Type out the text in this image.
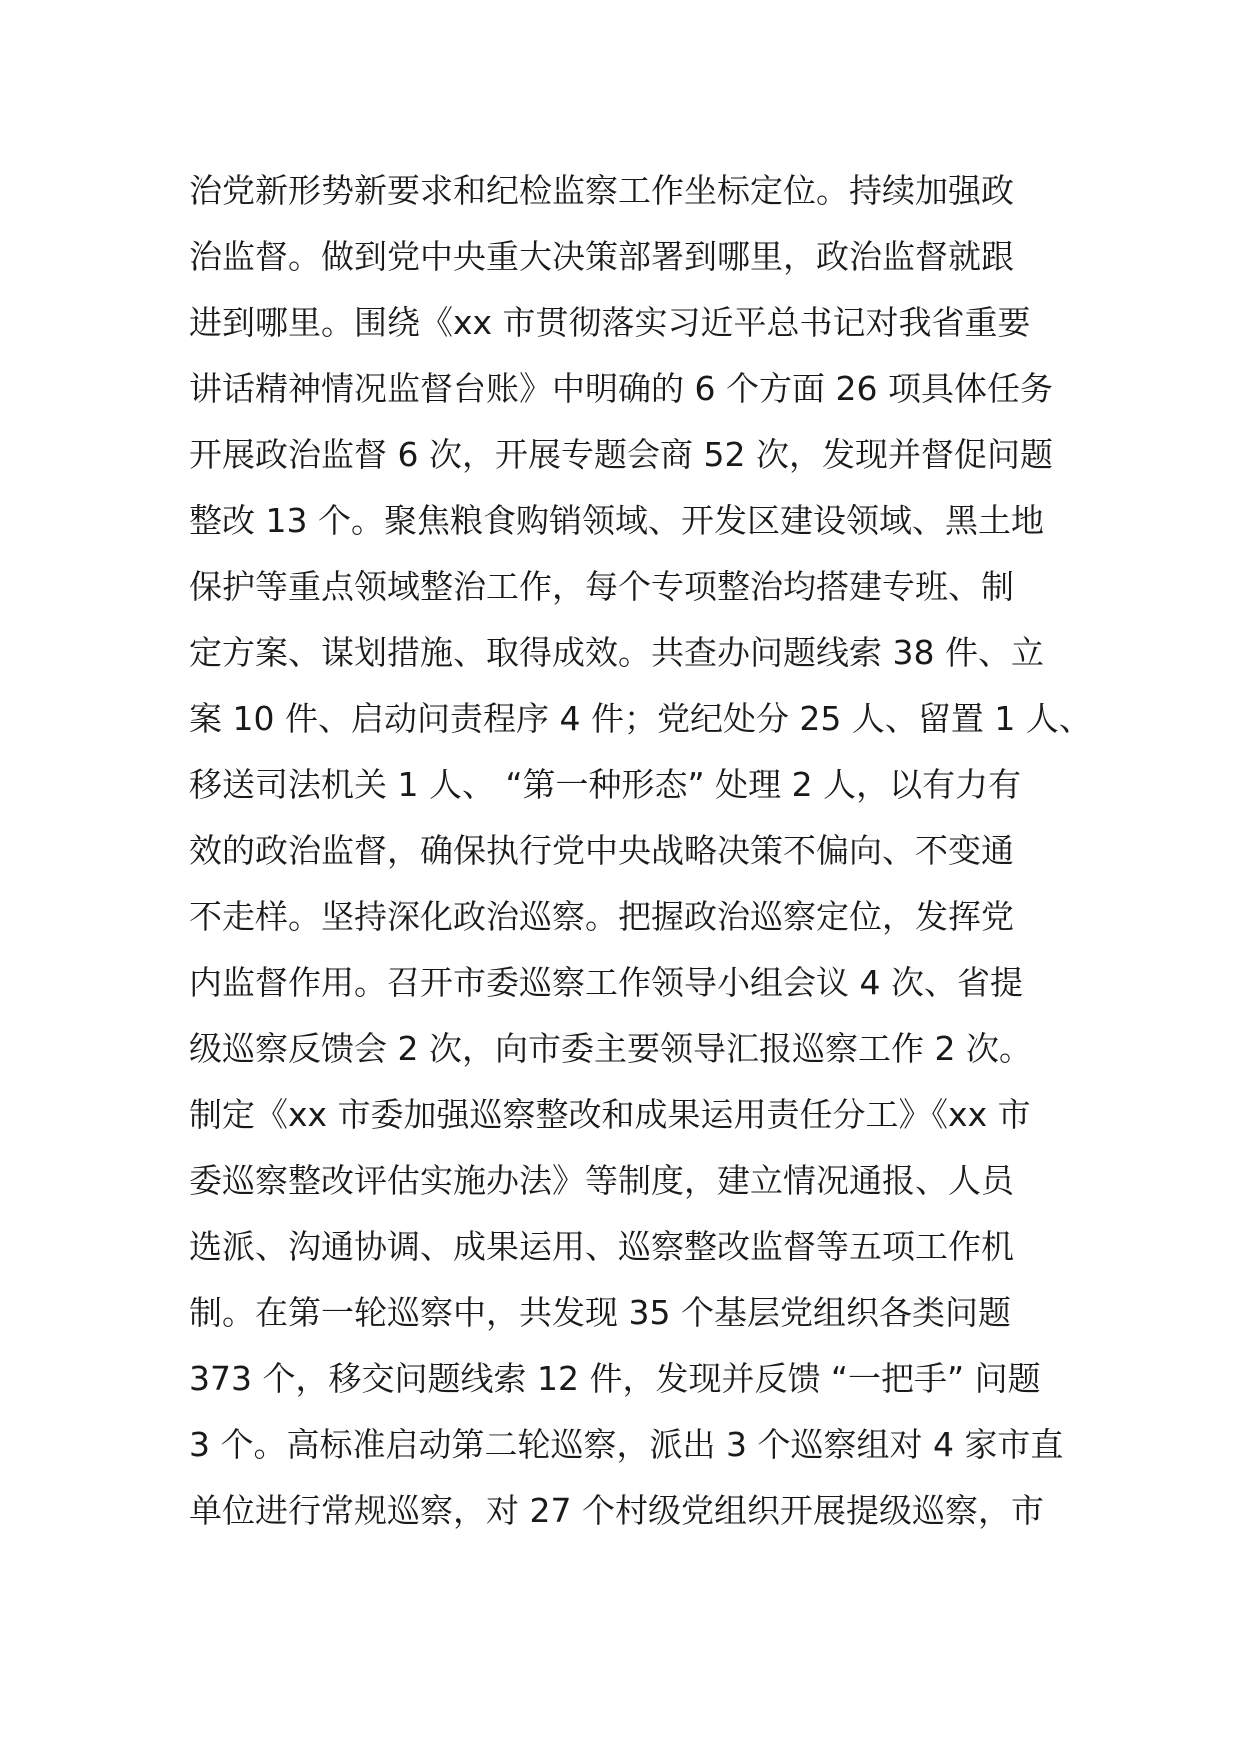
治党新形势新要求和纪检监察工作坐标定位。持续加强政
治监督。做到党中央重大决策部署到哪里，政治监督就跟
进到哪里。围绕《xx 市贯彻落实习近平总书记对我省重要
讲话精神情况监督台账》中明确的 6 个方面 26 项具体任务
开展政治监督 6 次，开展专题会商 52 次，发现并督促问题
整改 13 个。聚焦粮食购销领域、开发区建设领域、黑土地
保护等重点领域整治工作，每个专项整治均搭建专班、制
定方案、谋划措施、取得成效。共查办问题线索 38 件、立
案 10 件、启动问责程序 4 件；党纪处分 25 人、留置 1 人、
移送司法机关 1 人、 “第一种形态” 处理 2 人，以有力有
效的政治监督，确保执行党中央战略决策不偏向、不变通
不走样。坚持深化政治巡察。把握政治巡察定位，发挥党
内监督作用。召开市委巡察工作领导小组会议 4 次、省提
级巡察反馈会 2 次，向市委主要领导汇报巡察工作 2 次。
制定《xx 市委加强巡察整改和成果运用责任分工》《xx 市
委巡察整改评估实施办法》等制度，建立情况通报、人员
选派、沟通协调、成果运用、巡察整改监督等五项工作机
制。在第一轮巡察中，共发现 35 个基层党组织各类问题
373 个，移交问题线索 12 件，发现并反馈 “一把手” 问题
3 个。高标准启动第二轮巡察，派出 3 个巡察组对 4 家市直
单位进行常规巡察，对 27 个村级党组织开展提级巡察，市
